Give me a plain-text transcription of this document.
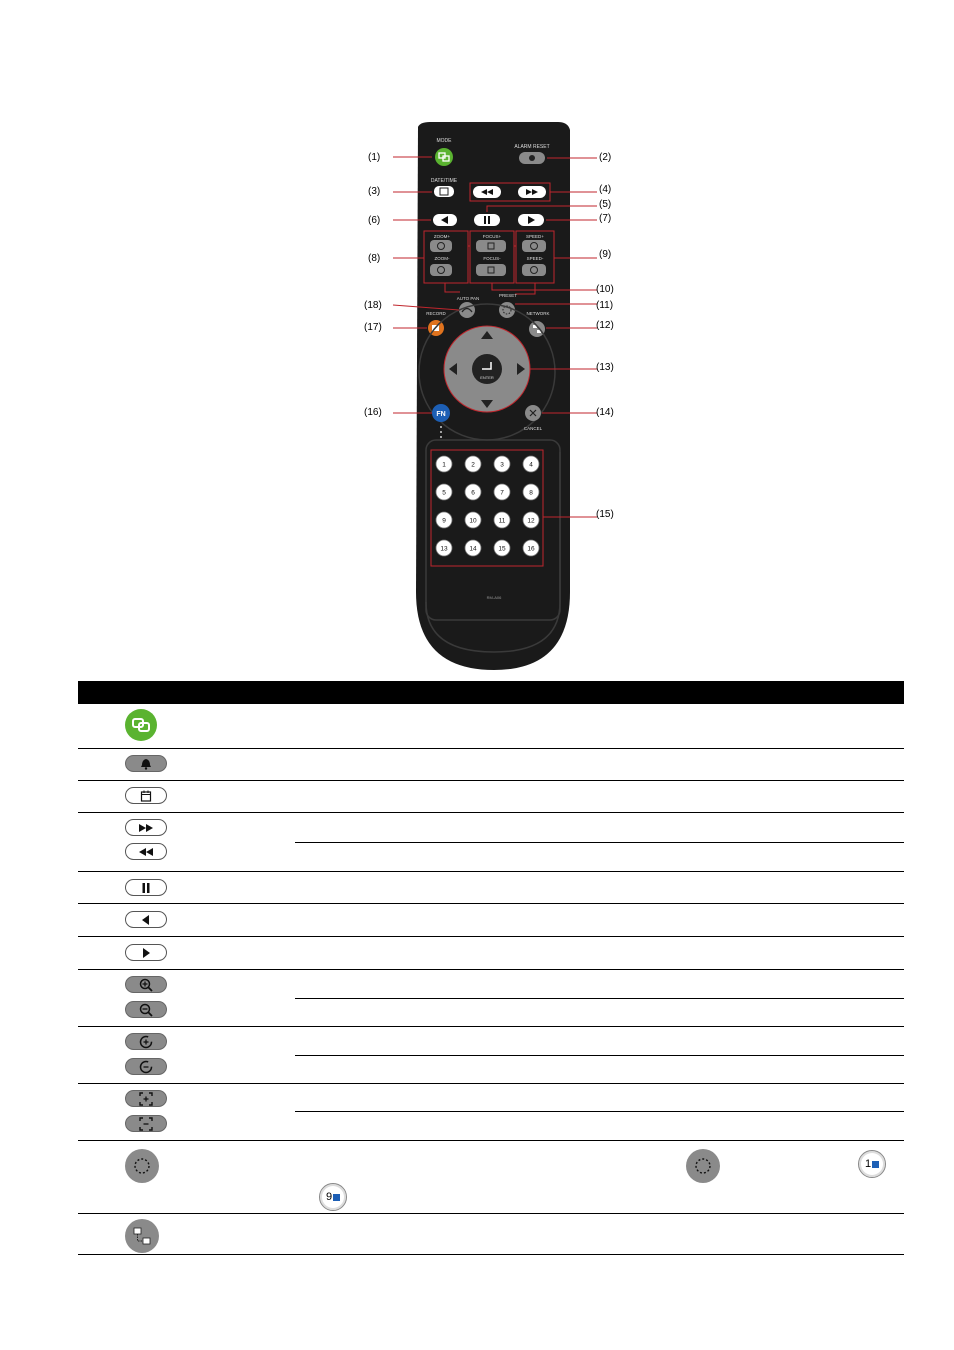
MODE
ALARM RESET
DATE/TIME
ZOOM+
ZOOM-
FOCUS+
FOCUS-
SPEED+
SPEED-
AUTO PAN
PRESET
RECORD	NETWORK
ENTER
FN
CANCEL
1	2	3	4
5	6	7	8
9	10	11	12
13	14	15	16
RM-A06
(1)	(2)
(3)	(4)
(5)
(6)	(7)
(8)	(9)
(10)
(11)
(18)
(12)
(17)
(13)
(16)	(14)
(15)
1
9
